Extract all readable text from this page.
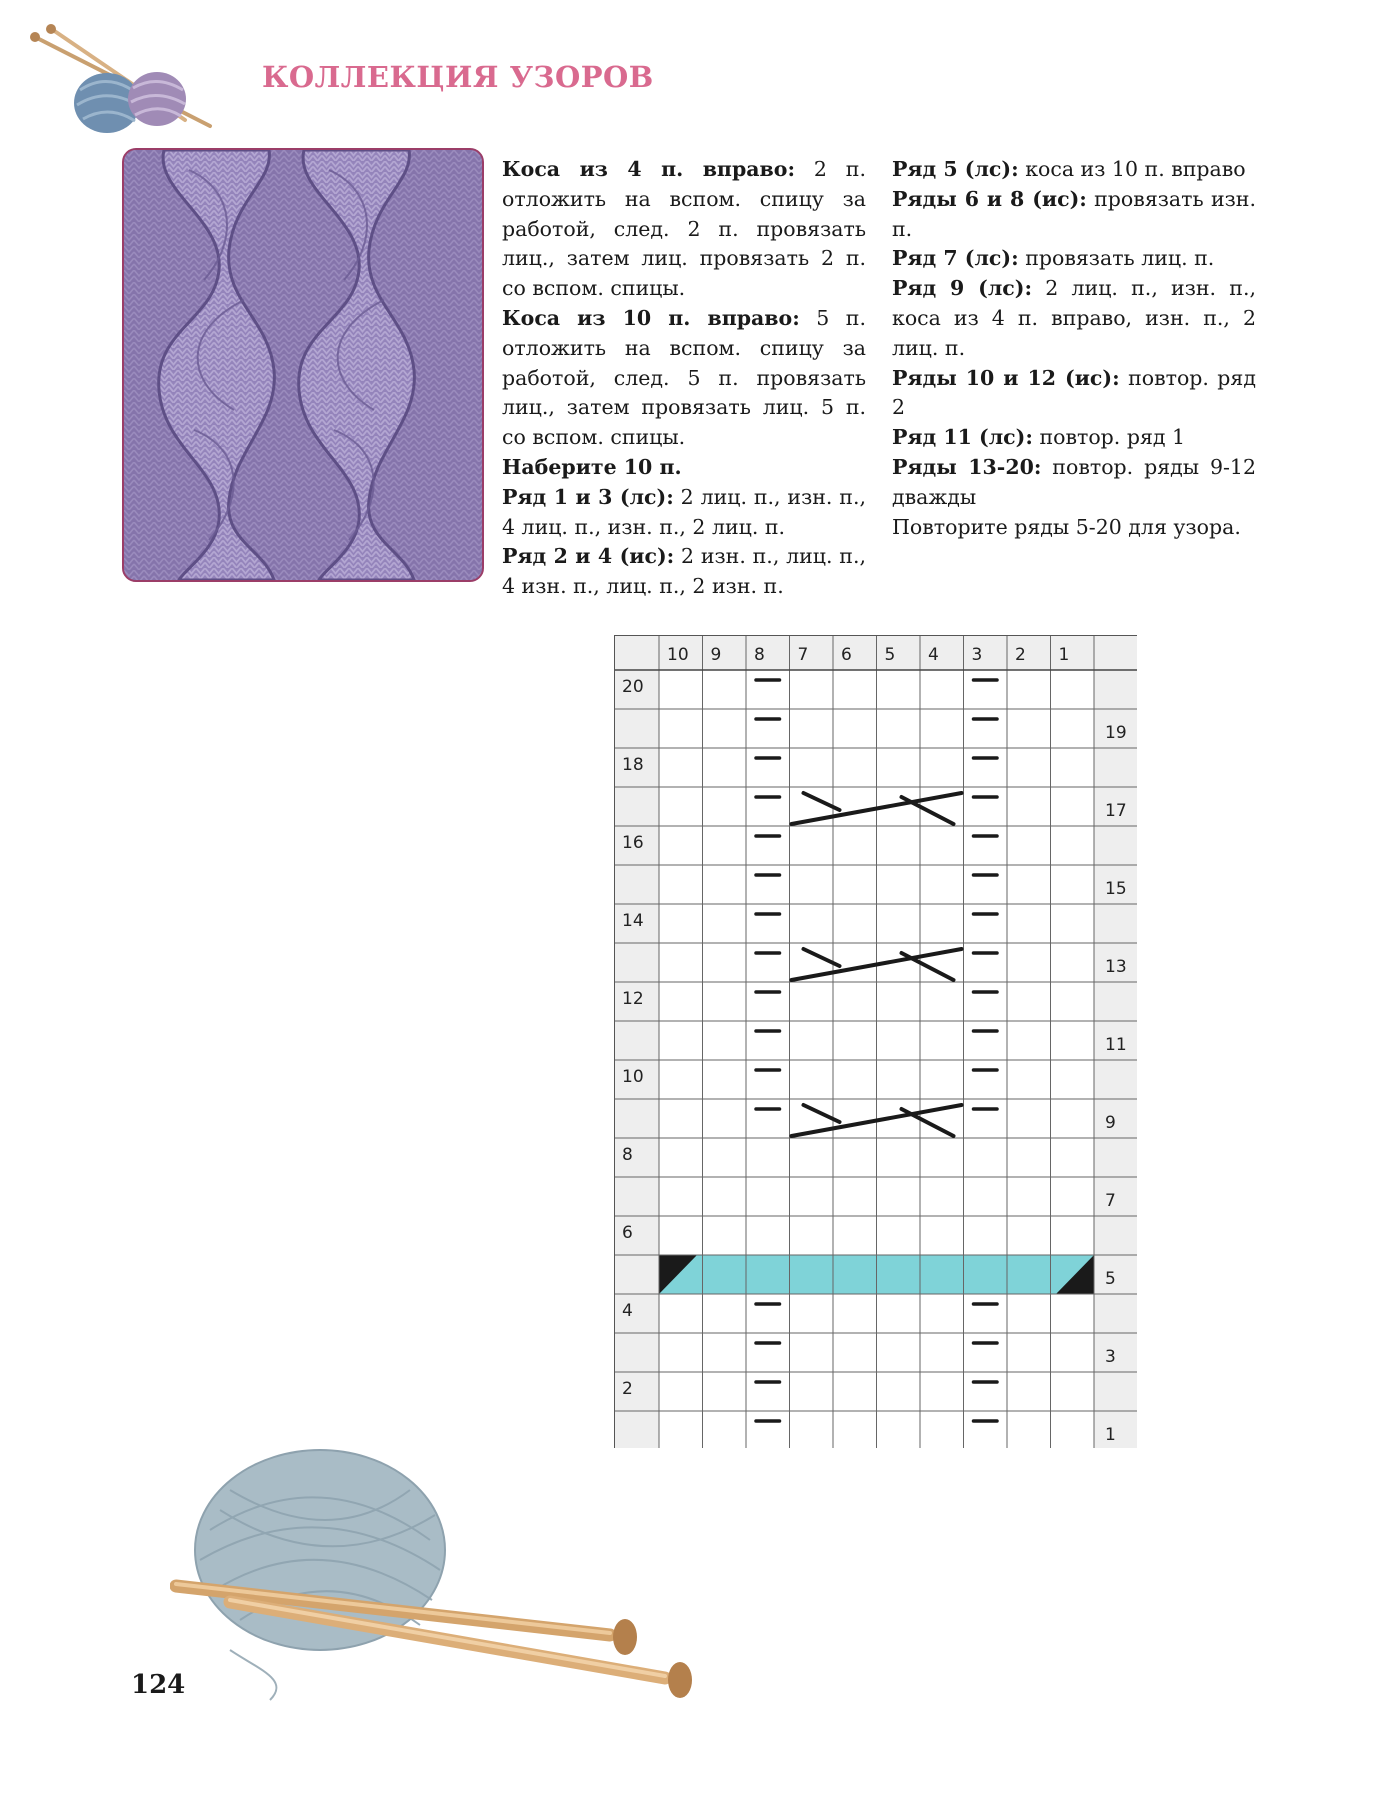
КОЛЛЕКЦИЯ УЗОРОВ

Коса из 4 п. вправо: 2 п. отложить на вспом. спицу за работой, след. 2 п. провязать лиц., затем лиц. провязать 2 п. со вспом. спицы.

Коса из 10 п. вправо: 5 п. отложить на вспом. спицу за работой, след. 5 п. провязать лиц., затем провязать лиц. 5 п. со вспом. спицы.

Наберите 10 п.

Ряд 1 и 3 (лс): 2 лиц. п., изн. п., 4 лиц. п., изн. п., 2 лиц. п.

Ряд 2 и 4 (ис): 2 изн. п., лиц. п., 4 изн. п., лиц. п., 2 изн. п.

Ряд 5 (лс): коса из 10 п. вправо

Ряды 6 и 8 (ис): провязать изн. п.

Ряд 7 (лс): провязать лиц. п.

Ряд 9 (лс): 2 лиц. п., изн. п., коса из 4 п. вправо, изн. п., 2 лиц. п.

Ряды 10 и 12 (ис): повтор. ряд 2

Ряд 11 (лс): повтор. ряд 1

Ряды 13-20: повтор. ряды 9-12 дважды

Повторите ряды 5-20 для узора.

10 9 8 7 6 5 4 3 2 1
20
18
16
14
12
10
8
6
4
2
19
17
15
13
11
9
7
5
3
1
124
